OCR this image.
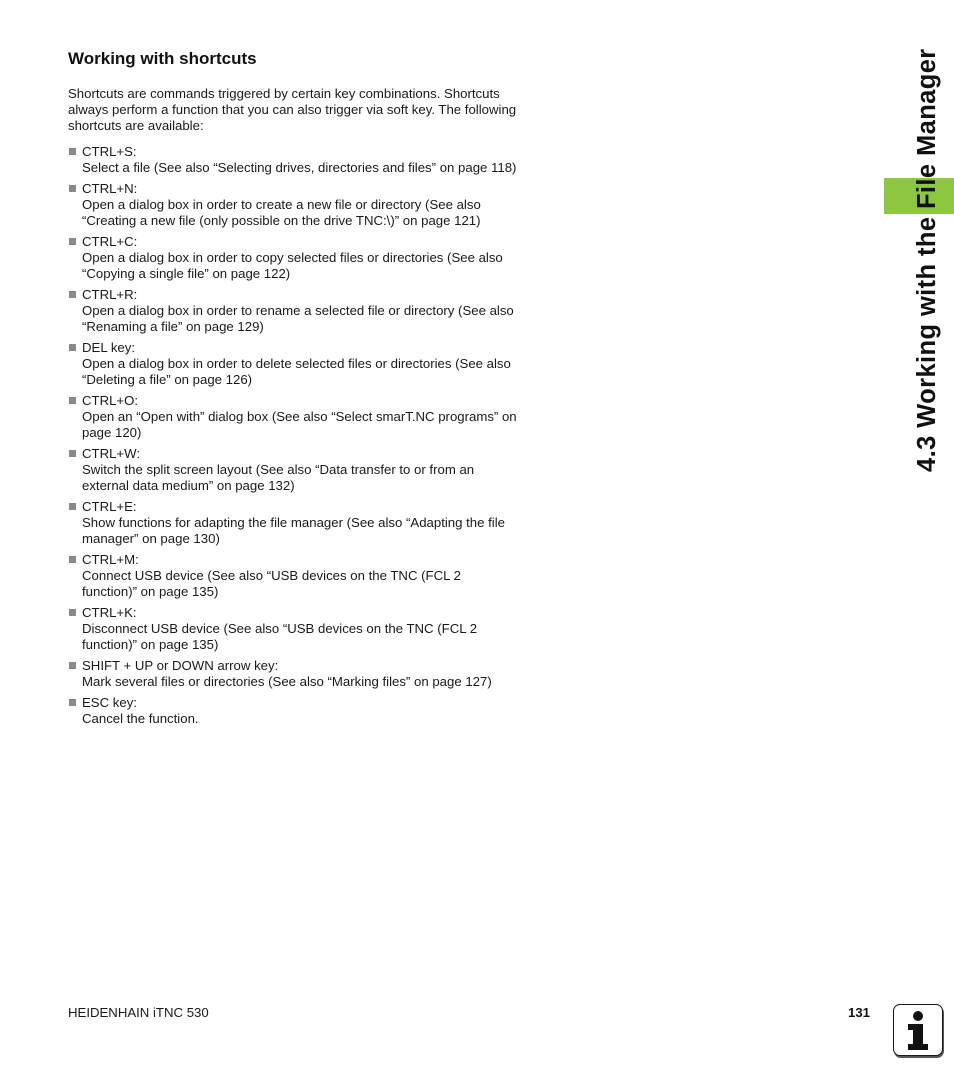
Working with shortcuts

Shortcuts are commands triggered by certain key combinations. Shortcuts always perform a function that you can also trigger via soft key. The following shortcuts are available:

CTRL+S:
Select a file (See also “Selecting drives, directories and files” on page 118)
CTRL+N:
Open a dialog box in order to create a new file or directory (See also “Creating a new file (only possible on the drive TNC:\)” on page 121)
CTRL+C:
Open a dialog box in order to copy selected files or directories (See also “Copying a single file” on page 122)
CTRL+R:
Open a dialog box in order to rename a selected file or directory (See also “Renaming a file” on page 129)
DEL key:
Open a dialog box in order to delete selected files or directories (See also “Deleting a file” on page 126)
CTRL+O:
Open an “Open with” dialog box (See also “Select smarT.NC programs” on page 120)
CTRL+W:
Switch the split screen layout (See also “Data transfer to or from an external data medium” on page 132)
CTRL+E:
Show functions for adapting the file manager (See also “Adapting the file manager” on page 130)
CTRL+M:
Connect USB device (See also “USB devices on the TNC (FCL 2 function)” on page 135)
CTRL+K:
Disconnect USB device (See also “USB devices on the TNC (FCL 2 function)” on page 135)
SHIFT + UP or DOWN arrow key:
Mark several files or directories (See also “Marking files” on page 127)
ESC key:
Cancel the function.
4.3 Working with the File Manager
HEIDENHAIN iTNC 530	131
